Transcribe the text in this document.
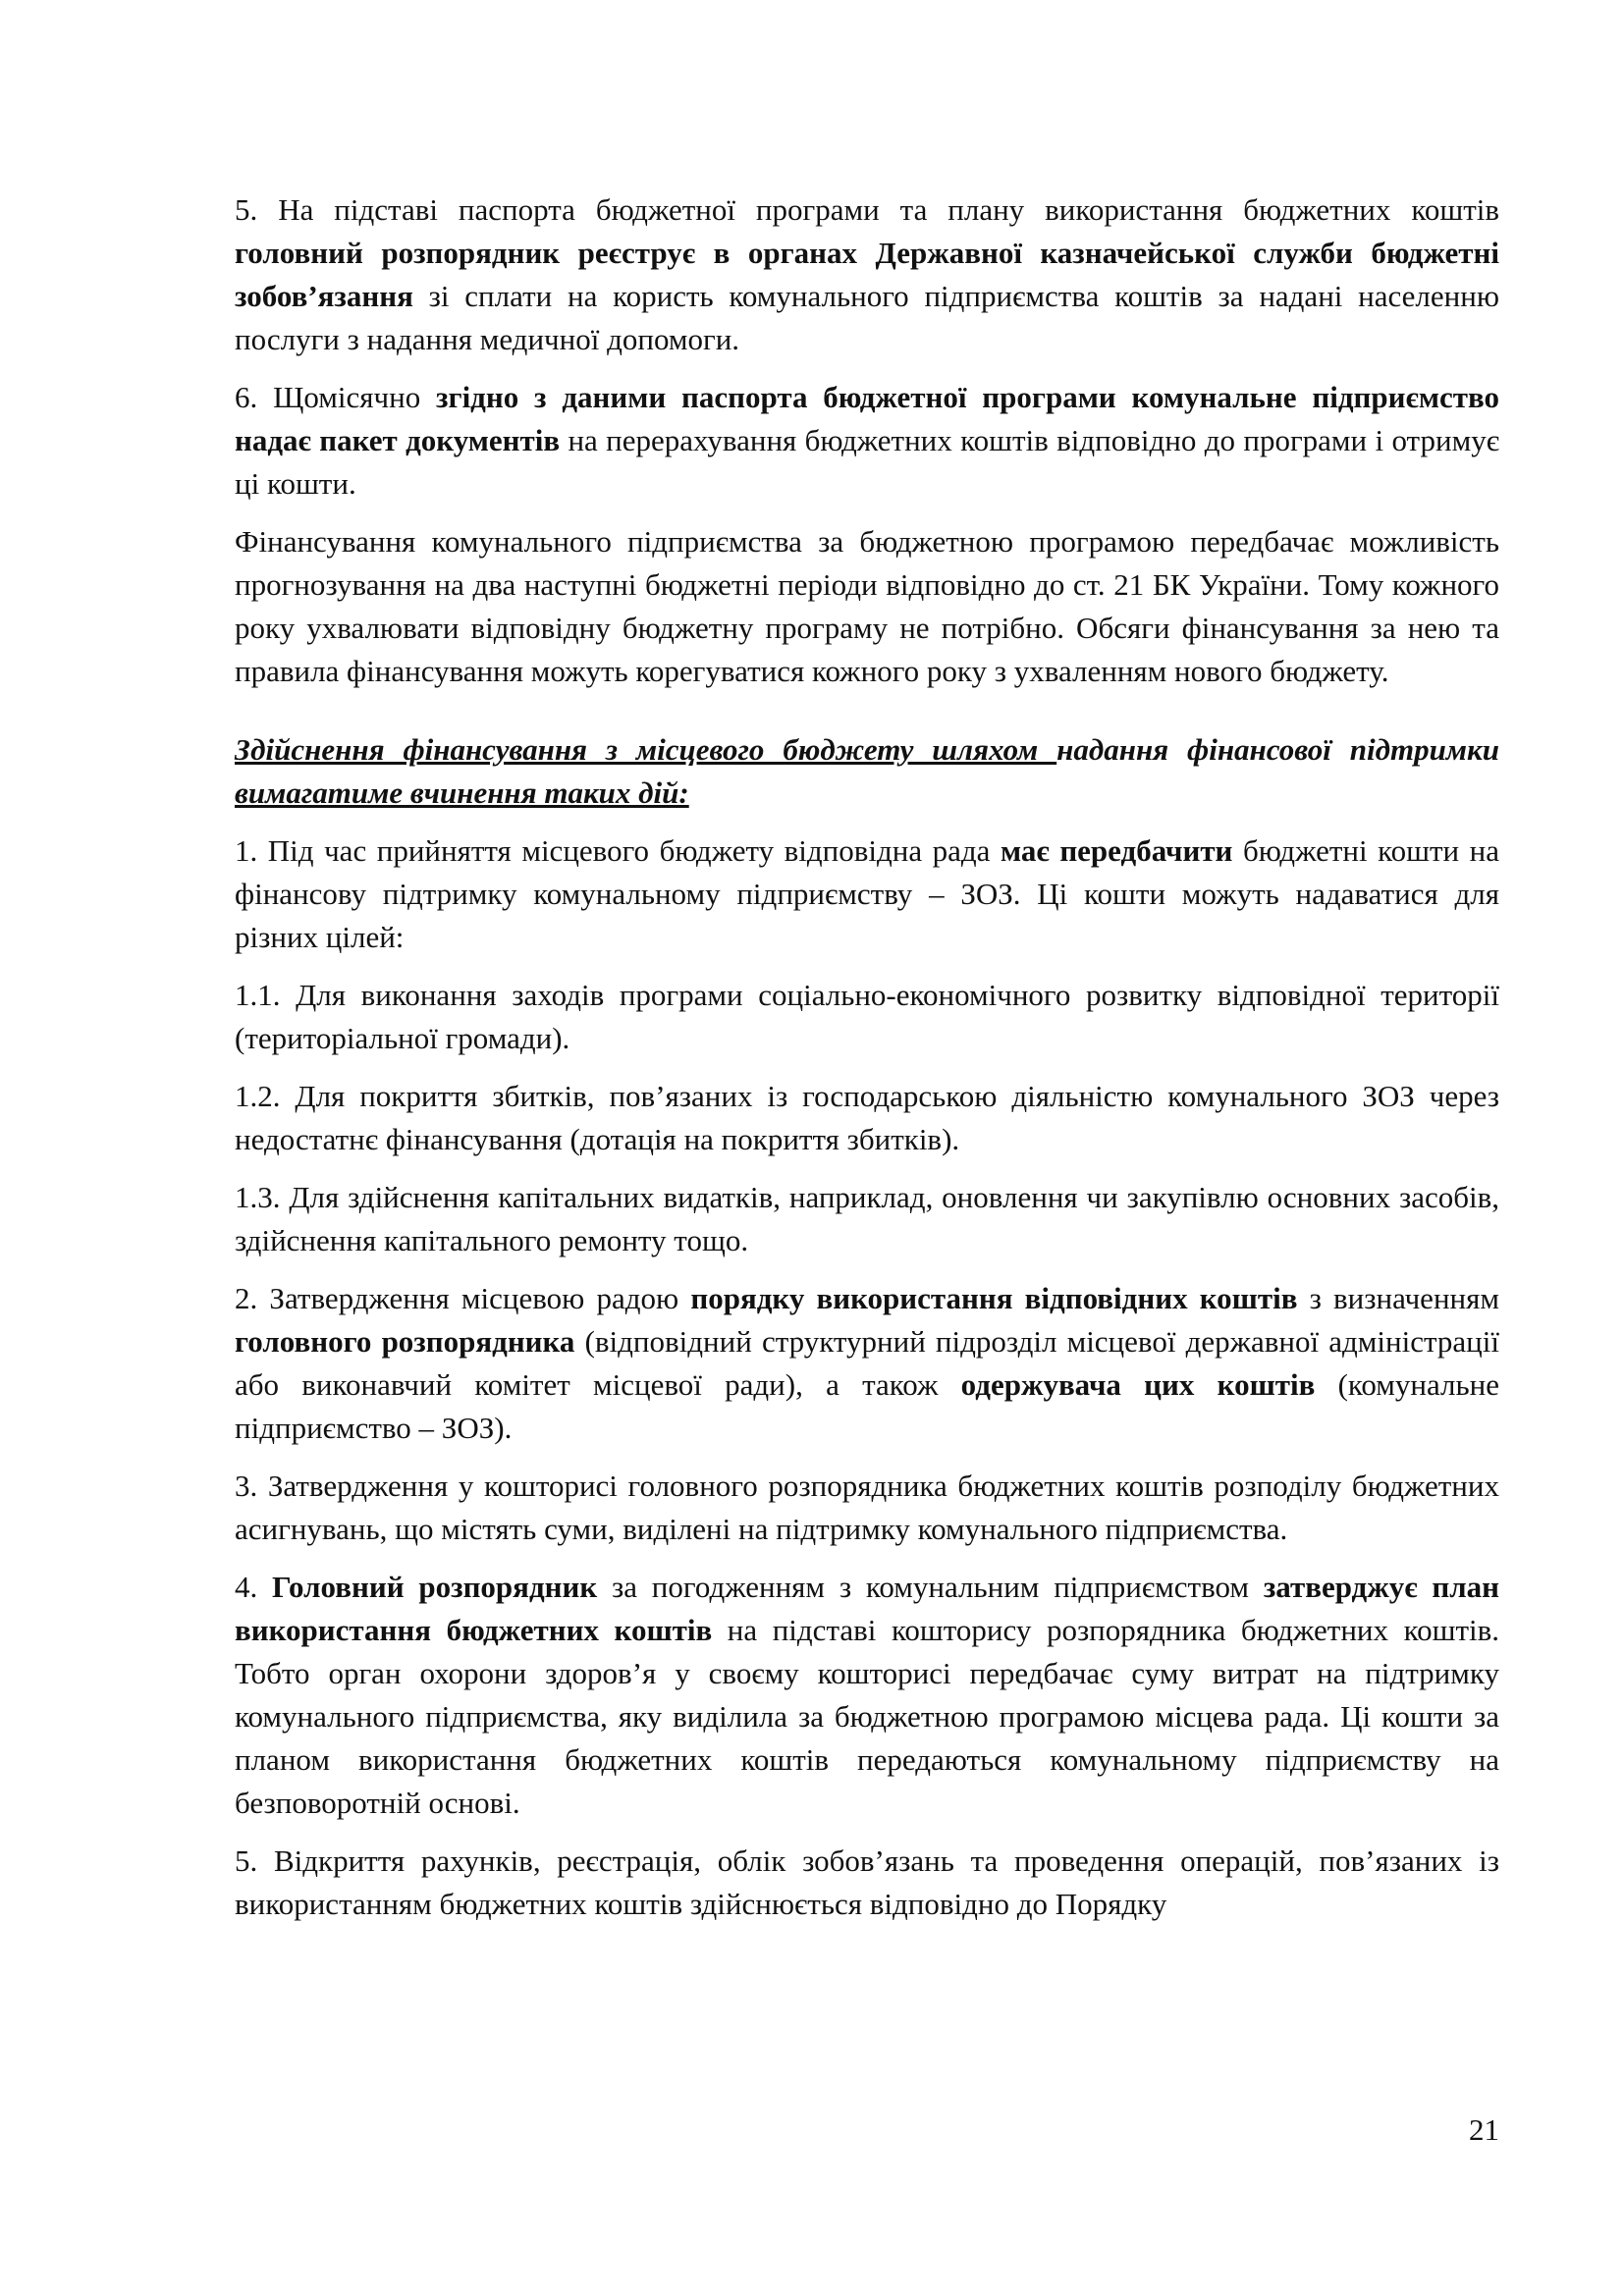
5. На підставі паспорта бюджетної програми та плану використання бюджетних коштів головний розпорядник реєструє в органах Державної казначейської служби бюджетні зобов’язання зі сплати на користь комунального підприємства коштів за надані населенню послуги з надання медичної допомоги.

6. Щомісячно згідно з даними паспорта бюджетної програми комунальне підприємство надає пакет документів на перерахування бюджетних коштів відповідно до програми і отримує ці кошти.

Фінансування комунального підприємства за бюджетною програмою передбачає можливість прогнозування на два наступні бюджетні періоди відповідно до ст. 21 БК України. Тому кожного року ухвалювати відповідну бюджетну програму не потрібно. Обсяги фінансування за нею та правила фінансування можуть корегуватися кожного року з ухваленням нового бюджету.

Здійснення фінансування з місцевого бюджету шляхом надання фінансової підтримки вимагатиме вчинення таких дій:

1. Під час прийняття місцевого бюджету відповідна рада має передбачити бюджетні кошти на фінансову підтримку комунальному підприємству – ЗОЗ. Ці кошти можуть надаватися для різних цілей:

1.1. Для виконання заходів програми соціально-економічного розвитку відповідної території (територіальної громади).

1.2. Для покриття збитків, пов’язаних із господарською діяльністю комунального ЗОЗ через недостатнє фінансування (дотація на покриття збитків).

1.3. Для здійснення капітальних видатків, наприклад, оновлення чи закупівлю основних засобів, здійснення капітального ремонту тощо.

2. Затвердження місцевою радою порядку використання відповідних коштів з визначенням головного розпорядника (відповідний структурний підрозділ місцевої державної адміністрації або виконавчий комітет місцевої ради), а також одержувача цих коштів (комунальне підприємство – ЗОЗ).

3. Затвердження у кошторисі головного розпорядника бюджетних коштів розподілу бюджетних асигнувань, що містять суми, виділені на підтримку комунального підприємства.

4. Головний розпорядник за погодженням з комунальним підприємством затверджує план використання бюджетних коштів на підставі кошторису розпорядника бюджетних коштів. Тобто орган охорони здоров’я у своєму кошторисі передбачає суму витрат на підтримку комунального підприємства, яку виділила за бюджетною програмою місцева рада. Ці кошти за планом використання бюджетних коштів передаються комунальному підприємству на безповоротній основі.

5. Відкриття рахунків, реєстрація, облік зобов’язань та проведення операцій, пов’язаних із використанням бюджетних коштів здійснюється відповідно до Порядку

21
